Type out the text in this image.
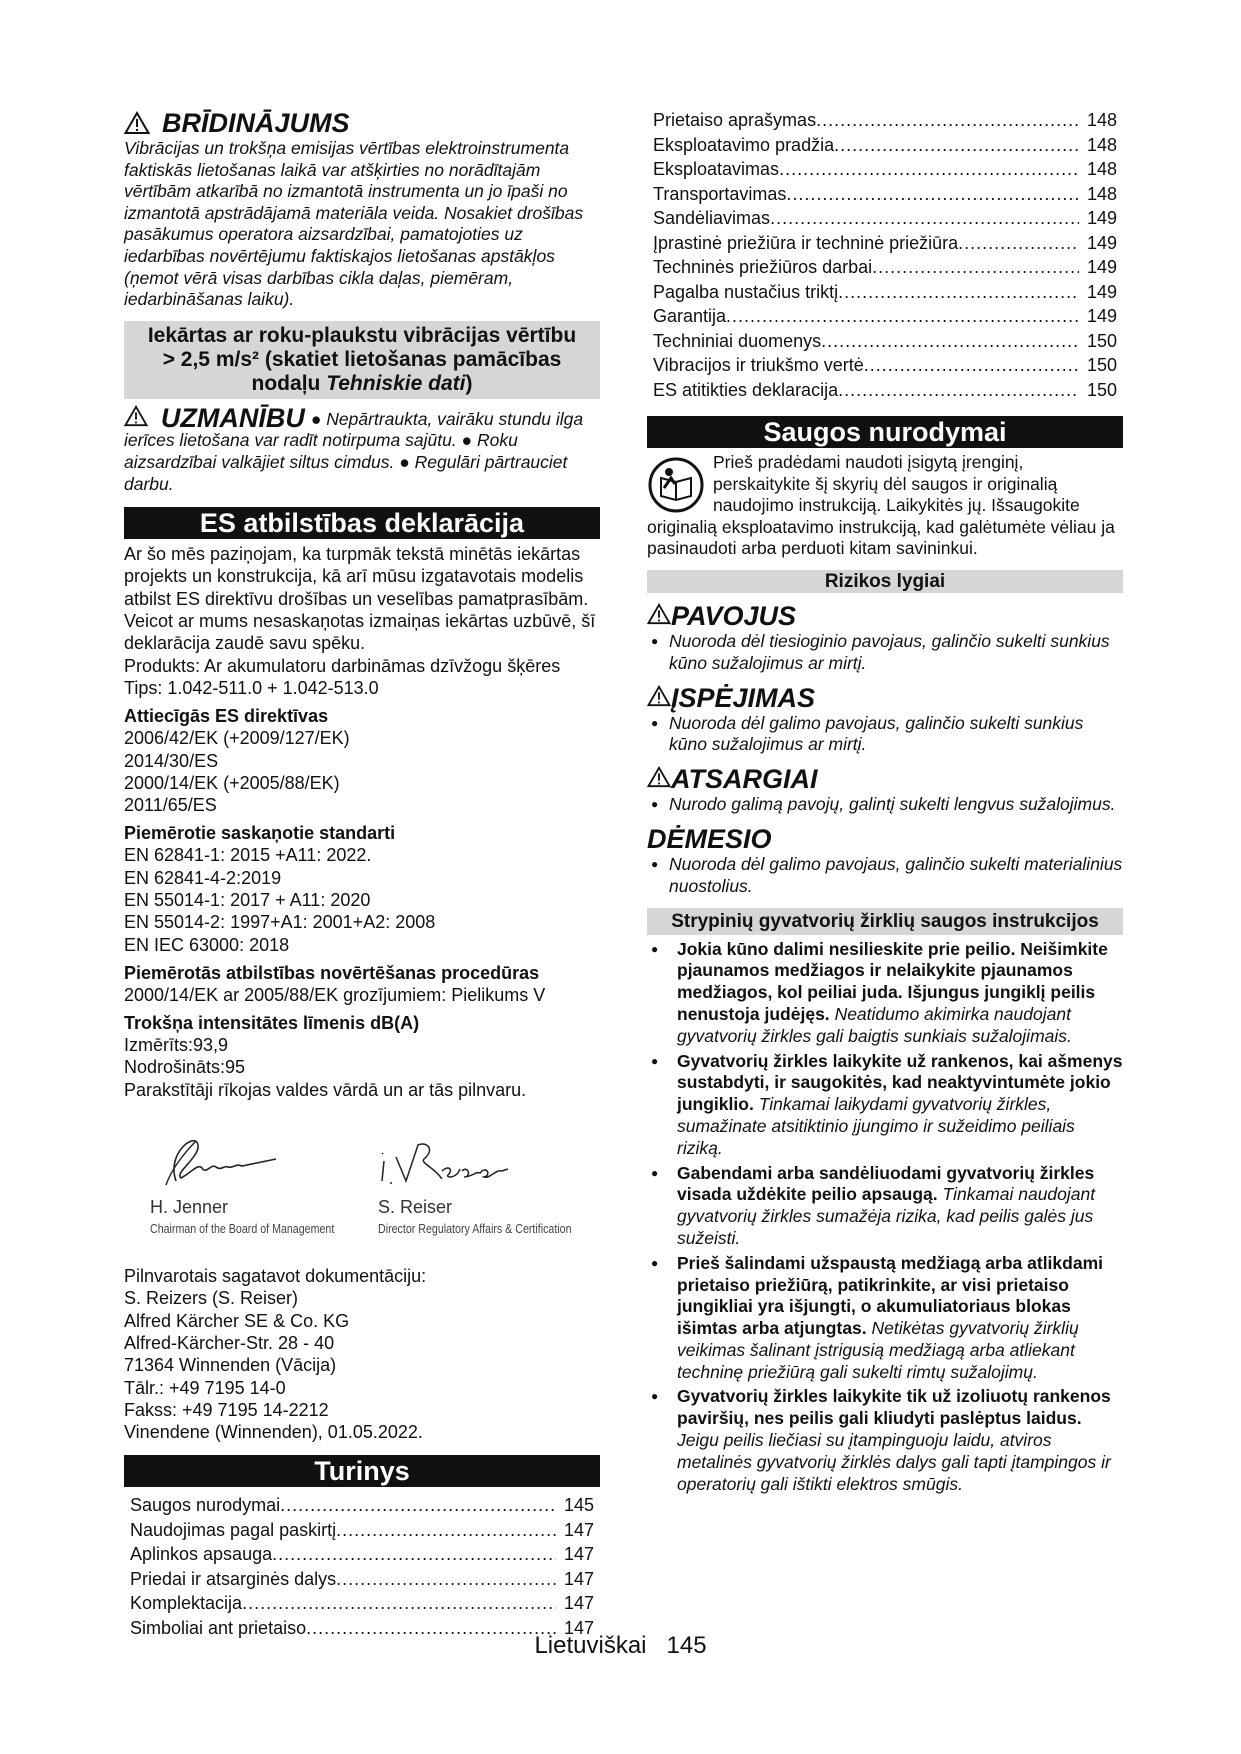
BRĪDINĀJUMS
Vibrācijas un trokšņa emisijas vērtības elektroinstrumenta faktiskās lietošanas laikā var atšķirties no norādītajām vērtībām atkarībā no izmantotā instrumenta un jo īpaši no izmantotā apstrādājamā materiāla veida. Nosakiet drošības pasākumus operatora aizsardzībai, pamatojoties uz iedarbības novērtējumu faktiskajos lietošanas apstākļos (ņemot vērā visas darbības cikla daļas, piemēram, iedarbināšanas laiku).
Iekārtas ar roku-plaukstu vibrācijas vērtību
> 2,5 m/s² (skatiet lietošanas pamācības
nodaļu Tehniskie dati)
UZMANĪBU ● Nepārtraukta, vairāku stundu ilga ierīces lietošana var radīt notirpuma sajūtu. ● Roku aizsardzībai valkājiet siltus cimdus. ● Regulāri pārtrauciet darbu.
ES atbilstības deklarācija
Ar šo mēs paziņojam, ka turpmāk tekstā minētās iekārtas projekts un konstrukcija, kā arī mūsu izgatavotais modelis atbilst ES direktīvu drošības un veselības pamatprasībām. Veicot ar mums nesaskaņotas izmaiņas iekārtas uzbūvē, šī deklarācija zaudē savu spēku.
Produkts: Ar akumulatoru darbināmas dzīvžogu šķēres
Tips: 1.042-511.0 + 1.042-513.0
Attiecīgās ES direktīvas
2006/42/EK (+2009/127/EK)
2014/30/ES
2000/14/EK (+2005/88/EK)
2011/65/ES
Piemērotie saskaņotie standarti
EN 62841-1: 2015 +A11: 2022.
EN 62841-4-2:2019
EN 55014-1: 2017 + A11: 2020
EN 55014-2: 1997+A1: 2001+A2: 2008
EN IEC 63000: 2018
Piemērotās atbilstības novērtēšanas procedūras
2000/14/EK ar 2005/88/EK grozījumiem: Pielikums V
Trokšņa intensitātes līmenis dB(A)
Izmērīts:93,9
Nodrošināts:95
Parakstītāji rīkojas valdes vārdā un ar tās pilnvaru.
H. Jenner
Chairman of the Board of Management
S. Reiser
Director Regulatory Affairs & Certification
Pilnvarotais sagatavot dokumentāciju:
S. Reizers (S. Reiser)
Alfred Kärcher SE & Co. KG
Alfred-Kärcher-Str. 28 - 40
71364 Winnenden (Vācija)
Tālr.: +49 7195 14-0
Fakss: +49 7195 14-2212
Vinendene (Winnenden), 01.05.2022.
Turinys
Saugos nurodymai .....	145
Naudojimas pagal paskirtį .....	147
Aplinkos apsauga .....	147
Priedai ir atsarginės dalys .....	147
Komplektacija .....	147
Simboliai ant prietaiso .....	147
Prietaiso aprašymas .....	148
Eksploatavimo pradžia .....	148
Eksploatavimas .....	148
Transportavimas .....	148
Sandėliavimas .....	149
Įprastinė priežiūra ir techninė priežiūra .....	149
Techninės priežiūros darbai .....	149
Pagalba nustačius triktį .....	149
Garantija .....	149
Techniniai duomenys .....	150
Vibracijos ir triukšmo vertė .....	150
ES atitikties deklaracija .....	150
Saugos nurodymai
Prieš pradėdami naudoti įsigytą įrenginį, perskaitykite šį skyrių dėl saugos ir originalią naudojimo instrukciją. Laikykitės jų. Išsaugokite originalią eksploatavimo instrukciją, kad galėtumėte vėliau ja pasinaudoti arba perduoti kitam savininkui.
Rizikos lygiai
PAVOJUS
● Nuoroda dėl tiesioginio pavojaus, galinčio sukelti sunkius kūno sužalojimus ar mirtį.
ĮSPĖJIMAS
● Nuoroda dėl galimo pavojaus, galinčio sukelti sunkius kūno sužalojimus ar mirtį.
ATSARGIAI
● Nurodo galimą pavojų, galintį sukelti lengvus sužalojimus.
DĖMESIO
● Nuoroda dėl galimo pavojaus, galinčio sukelti materialinius nuostolius.
Strypinių gyvatvorių žirklių saugos instrukcijos
● Jokia kūno dalimi nesilieskite prie peilio. Neišimkite pjaunamos medžiagos ir nelaikykite pjaunamos medžiagos, kol peiliai juda. Išjungus jungiklį peilis nenustoja judėjęs. Neatidumo akimirka naudojant gyvatvorių žirkles gali baigtis sunkiais sužalojimais.
● Gyvatvorių žirkles laikykite už rankenos, kai ašmenys sustabdyti, ir saugokitės, kad neaktyvintumėte jokio jungiklio. Tinkamai laikydami gyvatvorių žirkles, sumažinate atsitiktinio įjungimo ir sužeidimo peiliais riziką.
● Gabendami arba sandėliuodami gyvatvorių žirkles visada uždėkite peilio apsaugą. Tinkamai naudojant gyvatvorių žirkles sumažėja rizika, kad peilis galės jus sužeisti.
● Prieš šalindami užspaustą medžiagą arba atlikdami prietaiso priežiūrą, patikrinkite, ar visi prietaiso jungikliai yra išjungti, o akumuliatoriaus blokas išimtas arba atjungtas. Netikėtas gyvatvorių žirklių veikimas šalinant įstrigusią medžiagą arba atliekant techninę priežiūrą gali sukelti rimtų sužalojimų.
● Gyvatvorių žirkles laikykite tik už izoliuotų rankenos paviršių, nes peilis gali kliudyti paslėptus laidus. Jeigu peilis liečiasi su įtampinguoju laidu, atviros metalinės gyvatvorių žirklės dalys gali tapti įtampingos ir operatorių gali ištikti elektros smūgis.
Lietuviškai 145
